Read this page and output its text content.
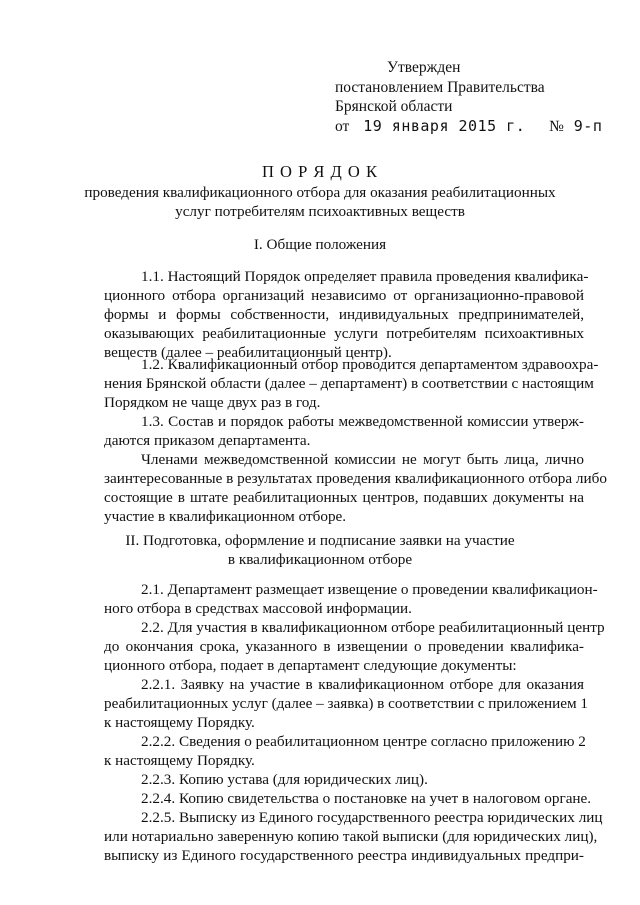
Утвержден
постановлением Правительства
Брянской области
от 19 января 2015 г. № 9-п
П О Р Я Д О К
проведения квалификационного отбора для оказания реабилитационных
услуг потребителям психоактивных веществ
I. Общие положения
1.1. Настоящий Порядок определяет правила проведения квалифика-
ционного отбора организаций независимо от организационно-правовой
формы и формы собственности, индивидуальных предпринимателей,
оказывающих реабилитационные услуги потребителям психоактивных
веществ (далее – реабилитационный центр).
1.2. Квалификационный отбор проводится департаментом здравоохра-
нения Брянской области (далее – департамент) в соответствии с настоящим
Порядком не чаще двух раз в год.
1.3. Состав и порядок работы межведомственной комиссии утверж-
даются приказом департамента.
Членами межведомственной комиссии не могут быть лица, лично
заинтересованные в результатах проведения квалификационного отбора либо
состоящие в штате реабилитационных центров, подавших документы на
участие в квалификационном отборе.
II. Подготовка, оформление и подписание заявки на участие
в квалификационном отборе
2.1. Департамент размещает извещение о проведении квалификацион-
ного отбора в средствах массовой информации.
2.2. Для участия в квалификационном отборе реабилитационный центр
до окончания срока, указанного в извещении о проведении квалифика-
ционного отбора, подает в департамент следующие документы:
2.2.1. Заявку на участие в квалификационном отборе для оказания
реабилитационных услуг (далее – заявка) в соответствии с приложением 1
к настоящему Порядку.
2.2.2. Сведения о реабилитационном центре согласно приложению 2
к настоящему Порядку.
2.2.3. Копию устава (для юридических лиц).
2.2.4. Копию свидетельства о постановке на учет в налоговом органе.
2.2.5. Выписку из Единого государственного реестра юридических лиц
или нотариально заверенную копию такой выписки (для юридических лиц),
выписку из Единого государственного реестра индивидуальных предпри-
